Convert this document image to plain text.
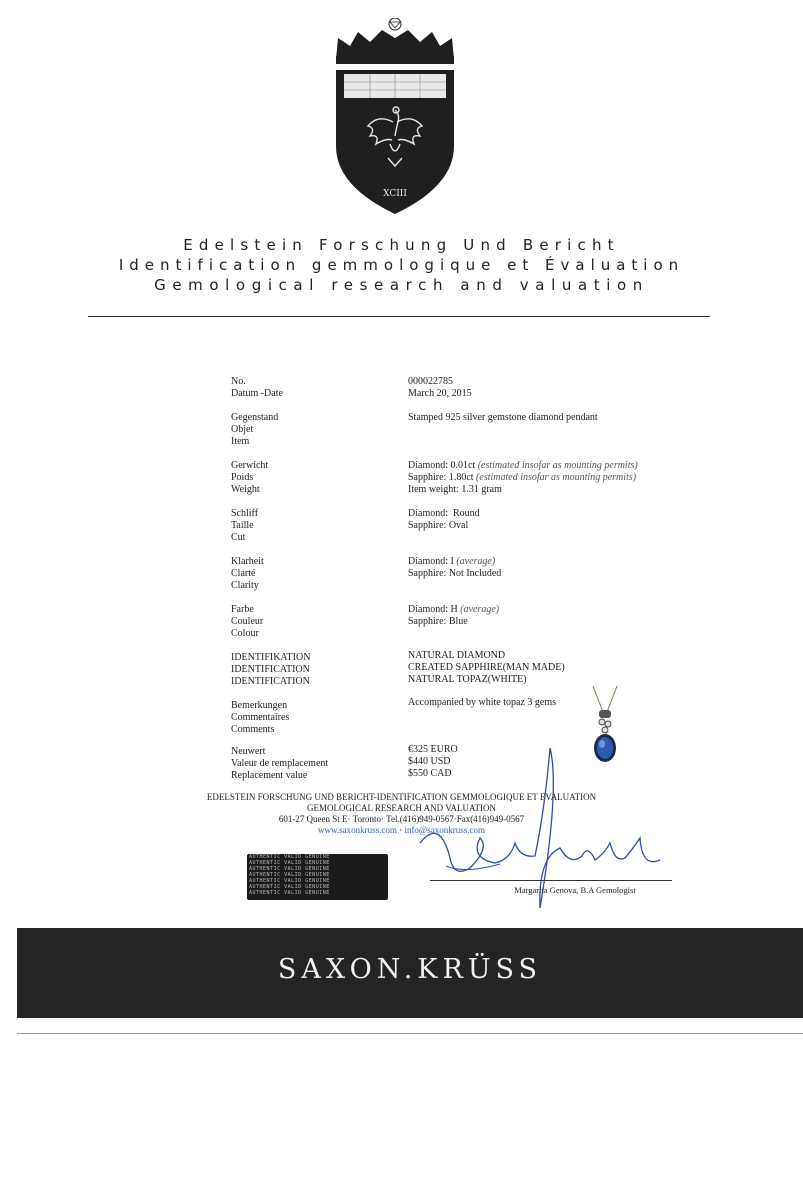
XCIII
Edelstein Forschung Und Bericht
Identification gemmologique et Évaluation
Gemological research and valuation
No.
Datum -Date
000022785
March 20, 2015
Gegenstand
Objet
Item
Stamped 925 silver gemstone diamond pendant
Gerwicht
Poids
Weight
Diamond: 0.01ct (estimated insofar as mounting permits)
Sapphire: 1.80ct (estimated insofar as mounting permits)
Item weight: 1.31 gram
Schliff
Taille
Cut
Diamond:  Round
Sapphire: Oval
Klarheit
Clarté
Clarity
Diamond: I (average)
Sapphire: Not Included
Farbe
Couleur
Colour
Diamond: H (average)
Sapphire: Blue
IDENTIFIKATION
IDENTIFICATION
IDENTIFICATION
NATURAL DIAMOND
CREATED SAPPHIRE(MAN MADE)
NATURAL TOPAZ(WHITE)
Bemerkungen
Commentaires
Comments
Accompanied by white topaz 3 gems
Neuwert
Valeur de remplacement
Replacement value
€325 EURO
$440 USD
$550 CAD
EDELSTEIN FORSCHUNG UND BERICHT-IDENTIFICATION GEMMOLOGIQUE ET EVALUATION
GEMOLOGICAL RESEARCH AND VALUATION
601-27 Queen St E· Toronto· Tel.(416)949-0567·Fax(416)949-0567
www.saxonkruss.com · info@saxonkruss.com
AUTHENTIC VALID GENUINE
AUTHENTIC VALID GENUINE
AUTHENTIC VALID GENUINE
AUTHENTIC VALID GENUINE
AUTHENTIC VALID GENUINE
AUTHENTIC VALID GENUINE
AUTHENTIC VALID GENUINE	Margarita Genova, B.A Gemologist
SAXON.KRÜSS
